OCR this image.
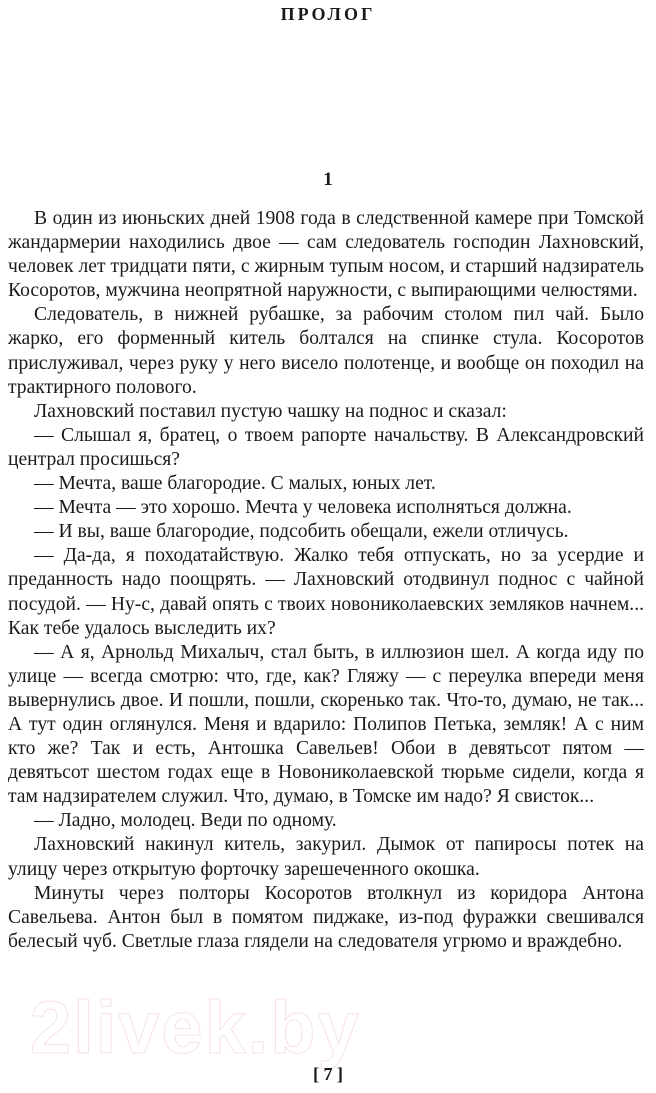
ПРОЛОГ
1

В один из июньских дней 1908 года в следственной камере при Томской жандармерии находились двое — сам следователь господин Лахновский, человек лет тридцати пяти, с жирным тупым носом, и старший надзиратель Косоротов, мужчина неопрятной наружности, с выпирающими челюстями.

Следователь, в нижней рубашке, за рабочим столом пил чай. Было жарко, его форменный китель болтался на спинке стула. Косоротов прислуживал, через руку у него висело полотенце, и вообще он походил на трактирного полового.

Лахновский поставил пустую чашку на поднос и сказал:

— Слышал я, братец, о твоем рапорте начальству. В Александровский централ просишься?

— Мечта, ваше благородие. С малых, юных лет.

— Мечта — это хорошо. Мечта у человека исполняться должна.

— И вы, ваше благородие, подсобить обещали, ежели отличусь.

— Да-да, я походатайствую. Жалко тебя отпускать, но за усердие и преданность надо поощрять. — Лахновский отодвинул поднос с чайной посудой. — Ну-с, давай опять с твоих новониколаевских земляков начнем... Как тебе удалось выследить их?

— А я, Арнольд Михалыч, стал быть, в иллюзион шел. А когда иду по улице — всегда смотрю: что, где, как? Гляжу — с переулка впереди меня вывернулись двое. И пошли, пошли, скоренько так. Что-то, думаю, не так... А тут один оглянулся. Меня и вдарило: Полипов Петька, земляк! А с ним кто же? Так и есть, Антошка Савельев! Обои в девятьсот пятом — девятьсот шестом годах еще в Новониколаевской тюрьме сидели, когда я там надзирателем служил. Что, думаю, в Томске им надо? Я свисток...

— Ладно, молодец. Веди по одному.

Лахновский накинул китель, закурил. Дымок от папиросы потек на улицу через открытую форточку зарешеченного окошка.

Минуты через полторы Косоротов втолкнул из коридора Антона Савельева. Антон был в помятом пиджаке, из-под фуражки свешивался белесый чуб. Светлые глаза глядели на следователя угрюмо и враждебно.

2livek.by
[ 7 ]
